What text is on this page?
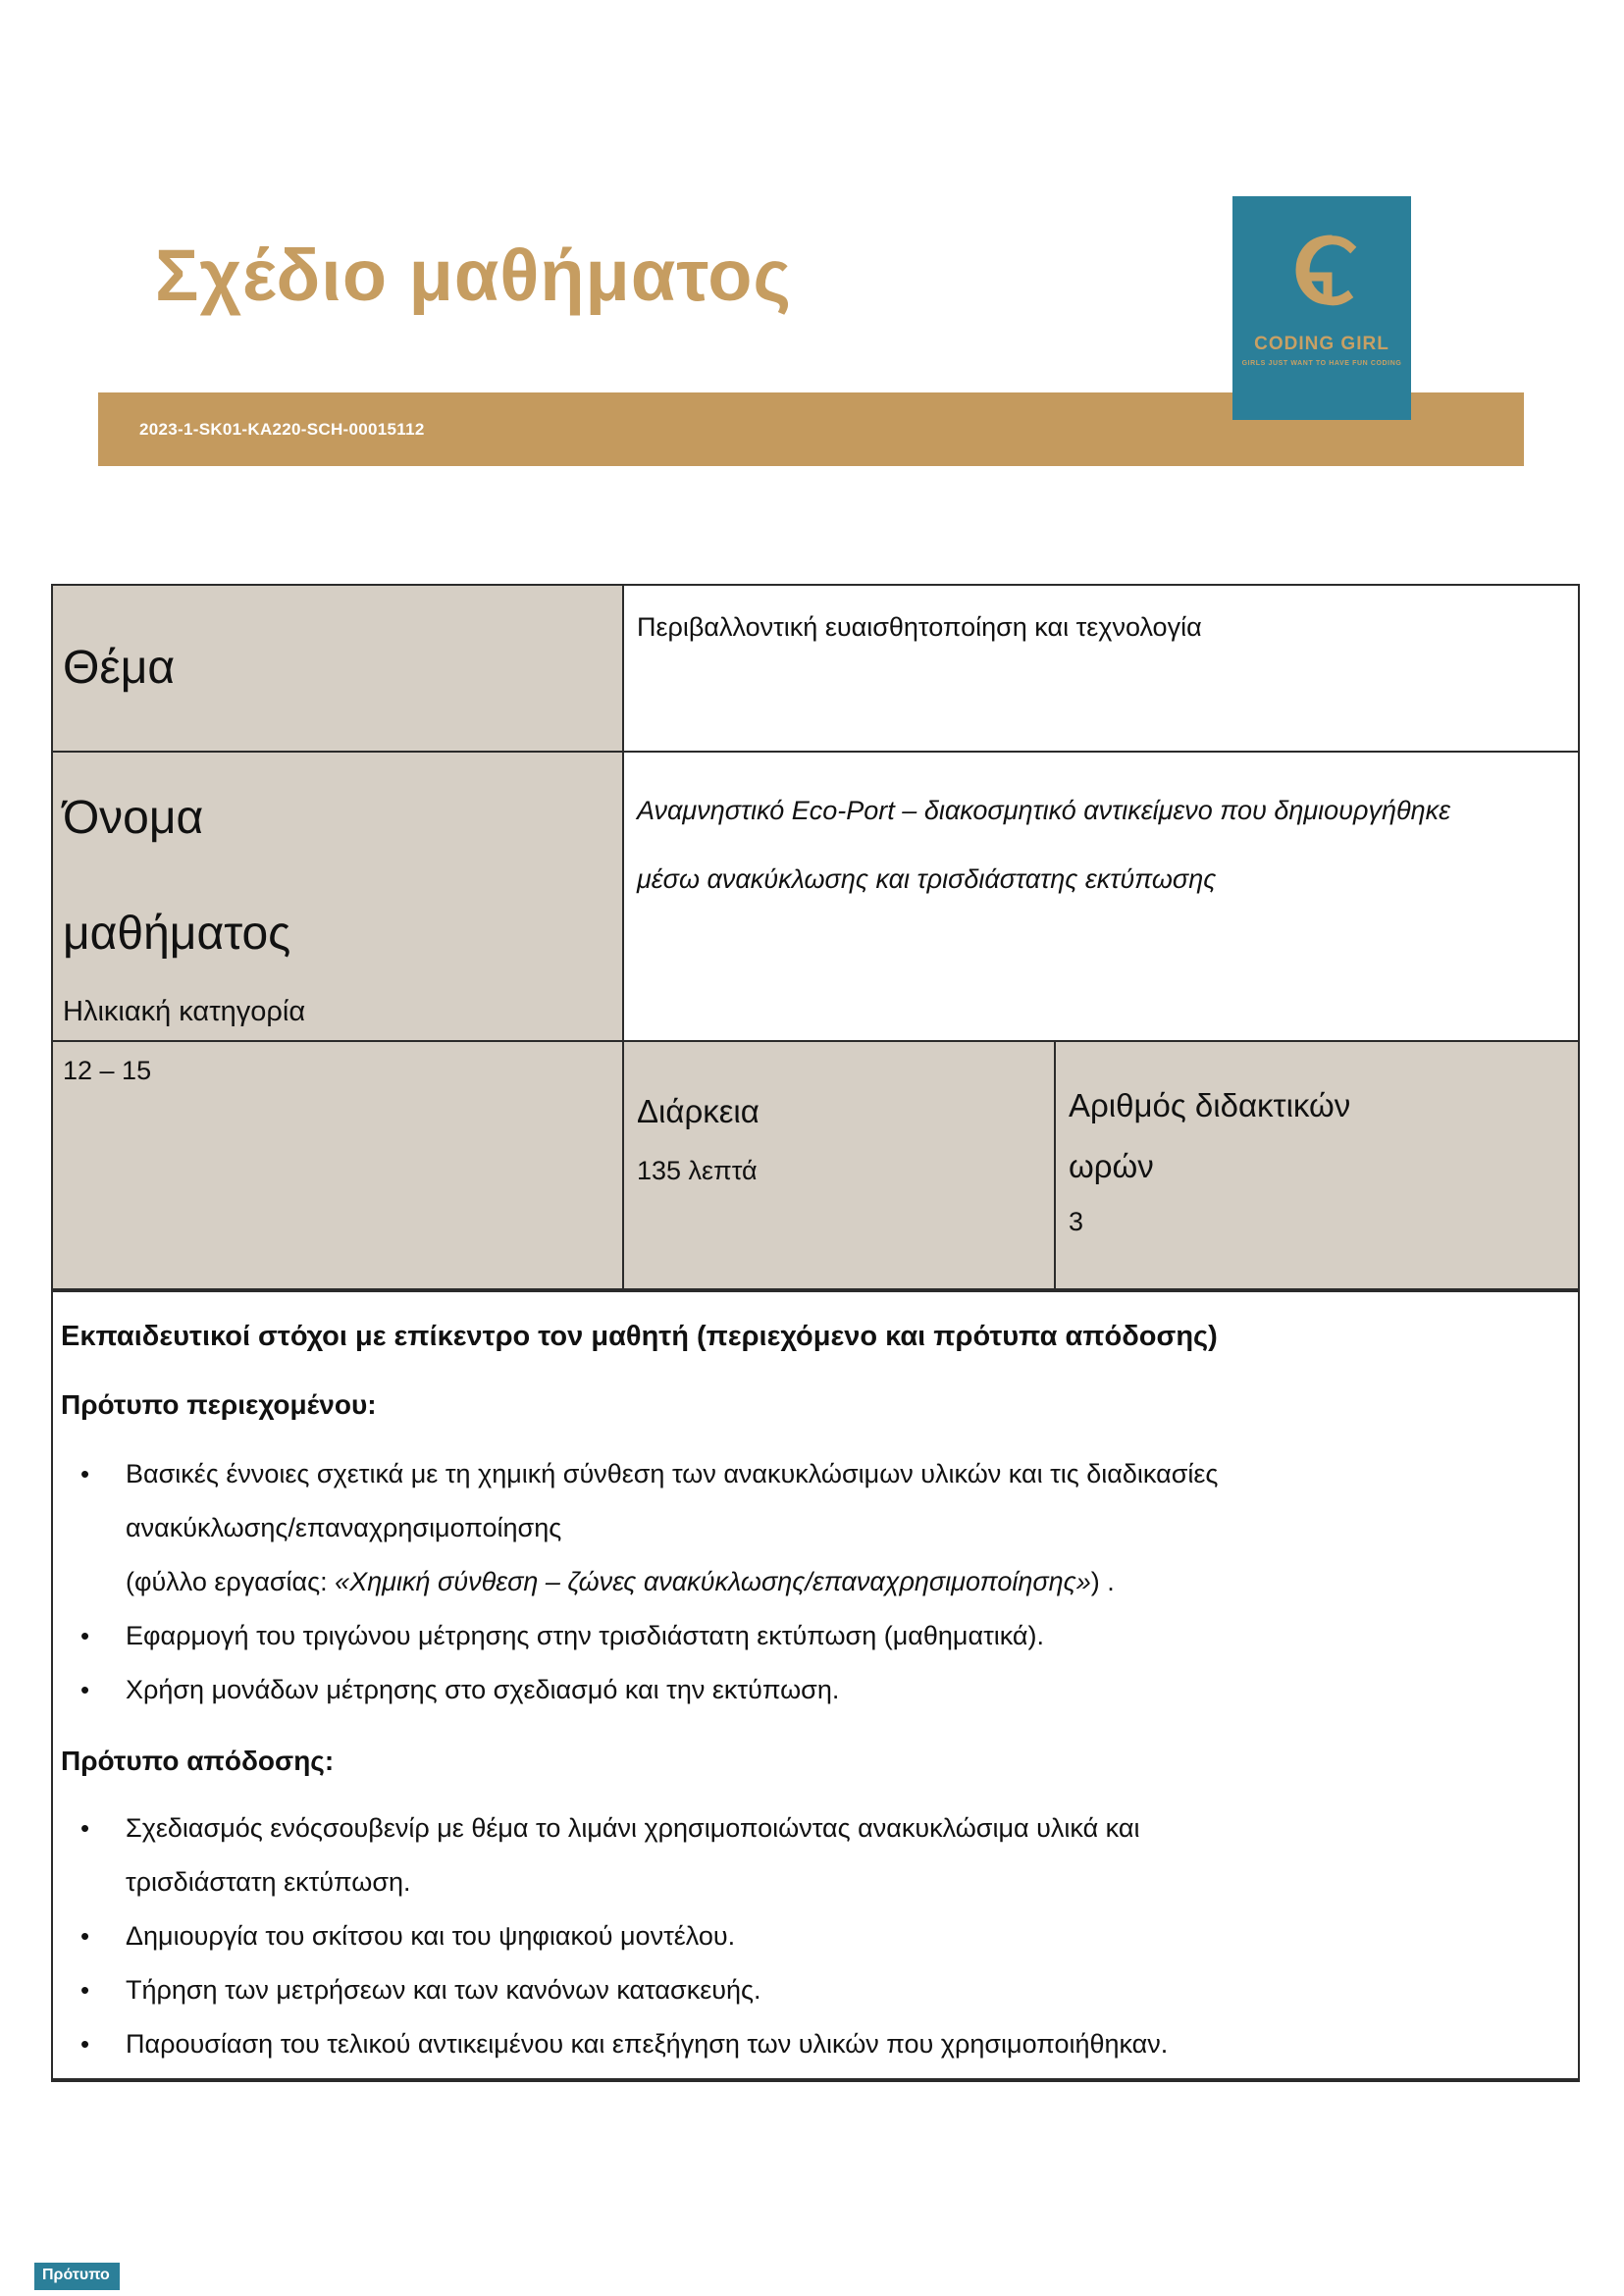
Σχέδιο μαθήματος
CODING GIRL
GIRLS JUST WANT TO HAVE FUN CODING
2023-1-SK01-KA220-SCH-00015112
Θέμα
Περιβαλλοντική ευαισθητοποίηση και τεχνολογία
Όνομα
μαθήματος
Ηλικιακή κατηγορία
Αναμνηστικό Eco-Port – διακοσμητικό αντικείμενο που δημιουργήθηκε
μέσω ανακύκλωσης και τρισδιάστατης εκτύπωσης
12 – 15
Διάρκεια
135 λεπτά
Αριθμός διδακτικών ωρών
3
Εκπαιδευτικοί στόχοι με επίκεντρο τον μαθητή (περιεχόμενο και πρότυπα απόδοσης)
Πρότυπο περιεχομένου:
• Βασικές έννοιες σχετικά με τη χημική σύνθεση των ανακυκλώσιμων υλικών και τις διαδικασίες
ανακύκλωσης/επαναχρησιμοποίησης
(φύλλο εργασίας: «Χημική σύνθεση – ζώνες ανακύκλωσης/επαναχρησιμοποίησης») .
• Εφαρμογή του τριγώνου μέτρησης στην τρισδιάστατη εκτύπωση (μαθηματικά).
• Χρήση μονάδων μέτρησης στο σχεδιασμό και την εκτύπωση.
Πρότυπο απόδοσης:
• Σχεδιασμός ενόςσουβενίρ με θέμα το λιμάνι χρησιμοποιώντας ανακυκλώσιμα υλικά και
τρισδιάστατη εκτύπωση.
• Δημιουργία του σκίτσου και του ψηφιακού μοντέλου.
• Τήρηση των μετρήσεων και των κανόνων κατασκευής.
• Παρουσίαση του τελικού αντικειμένου και επεξήγηση των υλικών που χρησιμοποιήθηκαν.
Πρότυπο
